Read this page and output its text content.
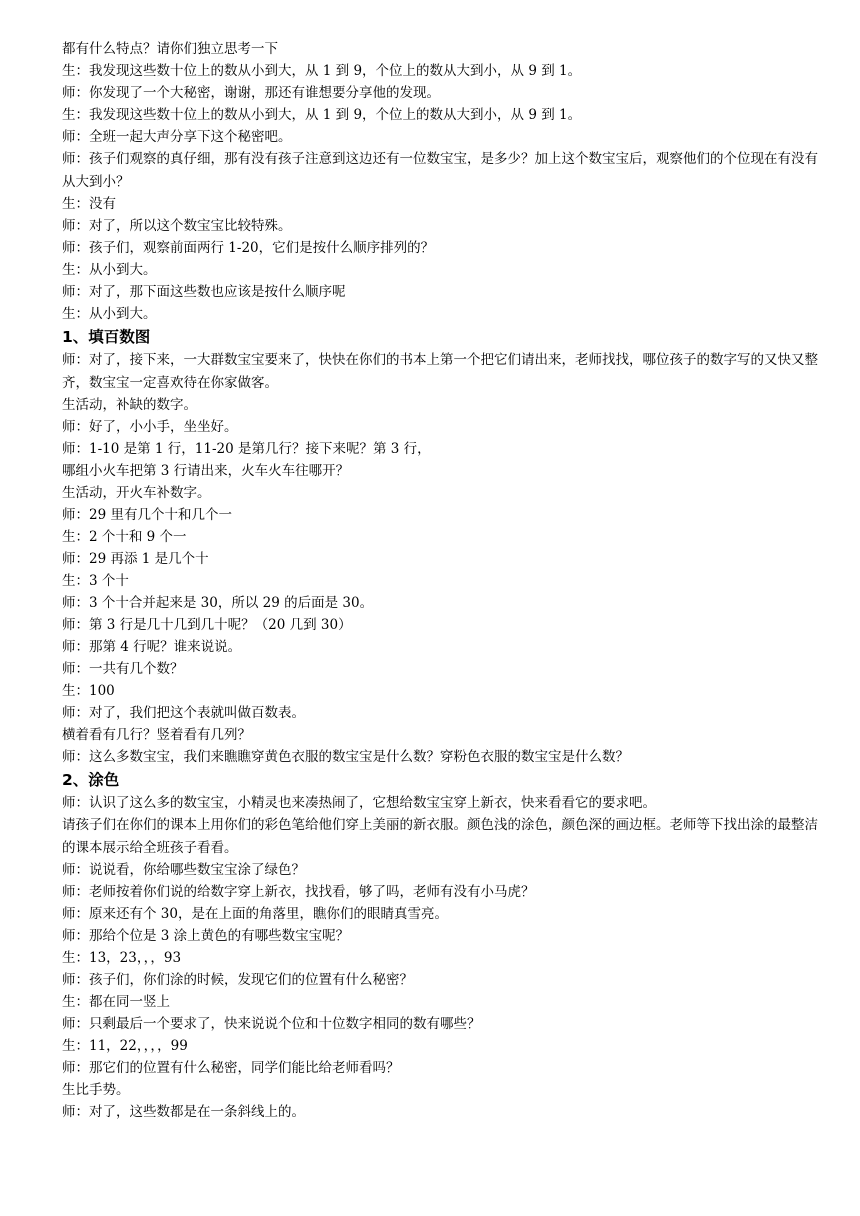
都有什么特点？请你们独立思考一下

生：我发现这些数十位上的数从小到大，从 1 到 9，个位上的数从大到小，从 9 到 1。

师：你发现了一个大秘密，谢谢，那还有谁想要分享他的发现。

生：我发现这些数十位上的数从小到大，从 1 到 9，个位上的数从大到小，从 9 到 1。

师：全班一起大声分享下这个秘密吧。

师：孩子们观察的真仔细，那有没有孩子注意到这边还有一位数宝宝，是多少？加上这个数宝宝后，观察他们的个位现在有没有从大到小？

生：没有

师：对了，所以这个数宝宝比较特殊。

师：孩子们，观察前面两行 1-20，它们是按什么顺序排列的？

生：从小到大。

师：对了，那下面这些数也应该是按什么顺序呢

生：从小到大。

1、填百数图

师：对了，接下来，一大群数宝宝要来了，快快在你们的书本上第一个把它们请出来，老师找找，哪位孩子的数字写的又快又整齐，数宝宝一定喜欢待在你家做客。

生活动，补缺的数字。

师：好了，小小手，坐坐好。

师：1-10 是第 1 行，11-20 是第几行？接下来呢？第 3 行，

哪组小火车把第 3 行请出来，火车火车往哪开？

生活动，开火车补数字。

师：29 里有几个十和几个一

生：2 个十和 9 个一

师：29 再添 1 是几个十

生：3 个十

师：3 个十合并起来是 30，所以 29 的后面是 30。

师：第 3 行是几十几到几十呢？（20 几到 30）

师：那第 4 行呢？谁来说说。

师：一共有几个数？

生：100

师：对了，我们把这个表就叫做百数表。

横着看有几行？竖着看有几列？

师：这么多数宝宝，我们来瞧瞧穿黄色衣服的数宝宝是什么数？穿粉色衣服的数宝宝是什么数？

2、涂色

师：认识了这么多的数宝宝，小精灵也来凑热闹了，它想给数宝宝穿上新衣，快来看看它的要求吧。

请孩子们在你们的课本上用你们的彩色笔给他们穿上美丽的新衣服。颜色浅的涂色，颜色深的画边框。老师等下找出涂的最整洁的课本展示给全班孩子看看。

师：说说看，你给哪些数宝宝涂了绿色？

师：老师按着你们说的给数字穿上新衣，找找看，够了吗，老师有没有小马虎？

师：原来还有个 30，是在上面的角落里，瞧你们的眼睛真雪亮。

师：那给个位是 3 涂上黄色的有哪些数宝宝呢？

生：13，23，，，93

师：孩子们，你们涂的时候，发现它们的位置有什么秘密？

生：都在同一竖上

师：只剩最后一个要求了，快来说说个位和十位数字相同的数有哪些？

生：11，22，，，，99

师：那它们的位置有什么秘密，同学们能比给老师看吗？

生比手势。

师：对了，这些数都是在一条斜线上的。
